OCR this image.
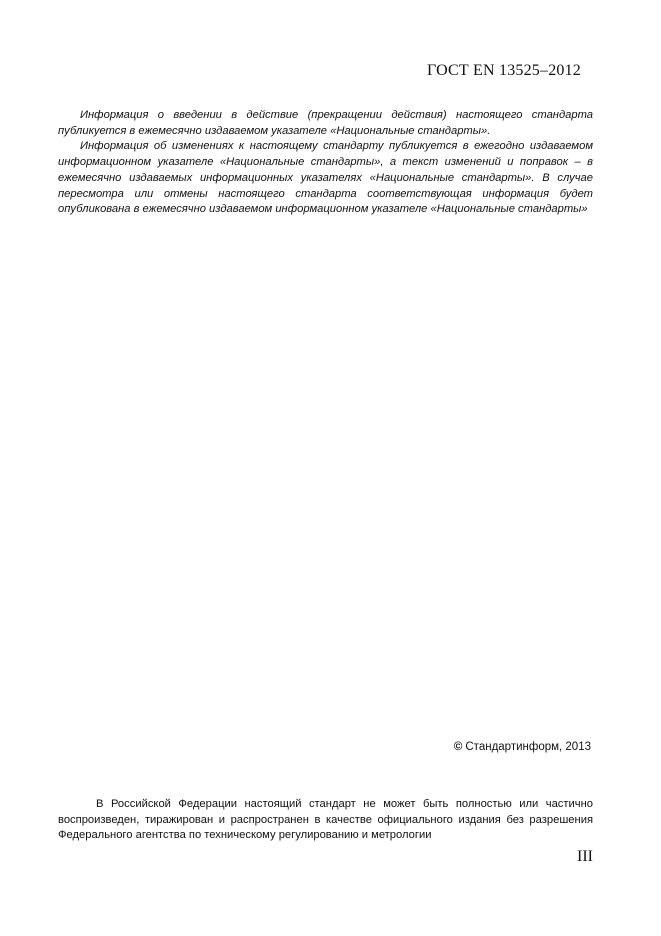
ГОСТ EN 13525–2012

Информация о введении в действие (прекращении действия) настоящего стандарта публикуется в ежемесячно издаваемом указателе «Национальные стандарты».

Информация об изменениях к настоящему стандарту публикуется в ежегодно издаваемом информационном указателе «Национальные стандарты», а текст изменений и поправок – в ежемесячно издаваемых информационных указателях «Национальные стандарты». В случае пересмотра или отмены настоящего стандарта соответствующая информация будет опубликована в ежемесячно издаваемом информационном указателе «Национальные стандарты»

© Стандартинформ, 2013

В Российской Федерации настоящий стандарт не может быть полностью или частично воспроизведен, тиражирован и распространен в качестве официального издания без разрешения Федерального агентства по техническому регулированию и метрологии

III
